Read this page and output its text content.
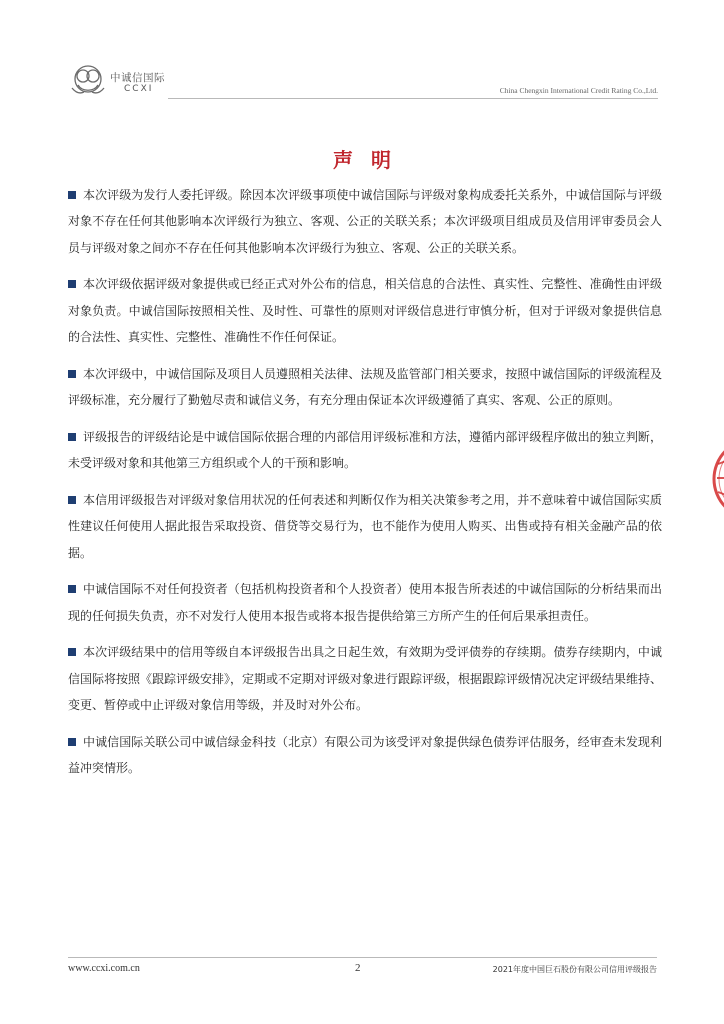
中诚信国际
CCXI	China Chengxin International Credit Rating Co.,Ltd.
声明

本次评级为发行人委托评级。除因本次评级事项使中诚信国际与评级对象构成委托关系外，中诚信国际与评级对象不存在任何其他影响本次评级行为独立、客观、公正的关联关系；本次评级项目组成员及信用评审委员会人员与评级对象之间亦不存在任何其他影响本次评级行为独立、客观、公正的关联关系。

本次评级依据评级对象提供或已经正式对外公布的信息，相关信息的合法性、真实性、完整性、准确性由评级对象负责。中诚信国际按照相关性、及时性、可靠性的原则对评级信息进行审慎分析，但对于评级对象提供信息的合法性、真实性、完整性、准确性不作任何保证。

本次评级中，中诚信国际及项目人员遵照相关法律、法规及监管部门相关要求，按照中诚信国际的评级流程及评级标准，充分履行了勤勉尽责和诚信义务，有充分理由保证本次评级遵循了真实、客观、公正的原则。

评级报告的评级结论是中诚信国际依据合理的内部信用评级标准和方法，遵循内部评级程序做出的独立判断，未受评级对象和其他第三方组织或个人的干预和影响。

本信用评级报告对评级对象信用状况的任何表述和判断仅作为相关决策参考之用，并不意味着中诚信国际实质性建议任何使用人据此报告采取投资、借贷等交易行为，也不能作为使用人购买、出售或持有相关金融产品的依据。

中诚信国际不对任何投资者（包括机构投资者和个人投资者）使用本报告所表述的中诚信国际的分析结果而出现的任何损失负责，亦不对发行人使用本报告或将本报告提供给第三方所产生的任何后果承担责任。

本次评级结果中的信用等级自本评级报告出具之日起生效，有效期为受评债券的存续期。债券存续期内，中诚信国际将按照《跟踪评级安排》，定期或不定期对评级对象进行跟踪评级，根据跟踪评级情况决定评级结果维持、变更、暂停或中止评级对象信用等级，并及时对外公布。

中诚信国际关联公司中诚信绿金科技（北京）有限公司为该受评对象提供绿色债券评估服务，经审查未发现利益冲突情形。

www.ccxi.com.cn	2	2021年度中国巨石股份有限公司信用评级报告
